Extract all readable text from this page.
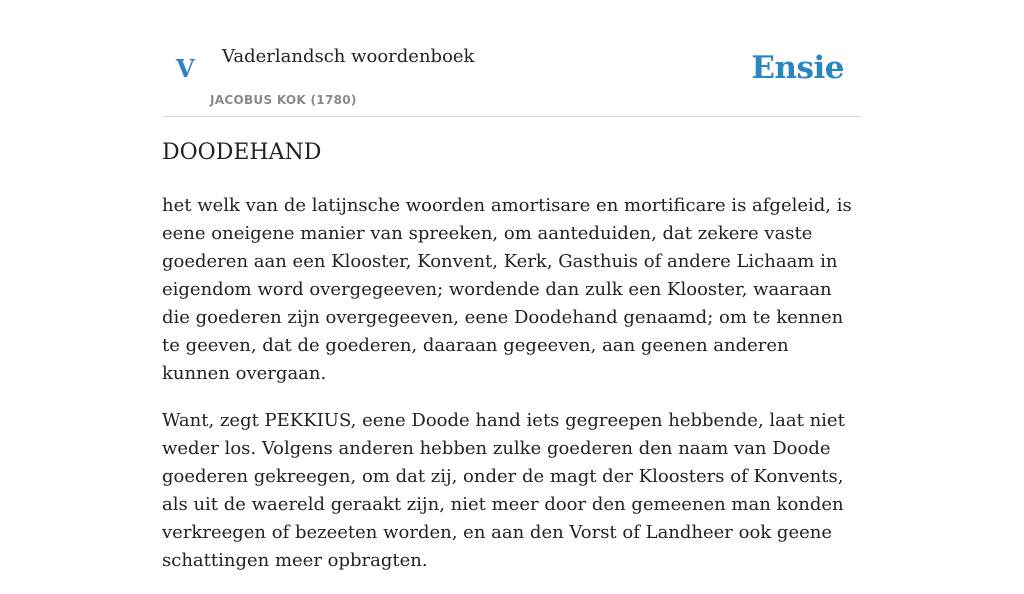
V Vaderlandsch woordenboek
JACOBUS KOK (1780)
Ensie
DOODEHAND

het welk van de latijnsche woorden amortisare en mortificare is afgeleid, is eene oneigene manier van spreeken, om aanteduiden, dat zekere vaste goederen aan een Klooster, Konvent, Kerk, Gasthuis of andere Lichaam in eigendom word overgegeeven; wordende dan zulk een Klooster, waaraan die goederen zijn overgegeeven, eene Doodehand genaamd; om te kennen te geeven, dat de goederen, daaraan gegeeven, aan geenen anderen kunnen overgaan.

Want, zegt PEKKIUS, eene Doode hand iets gegreepen hebbende, laat niet weder los. Volgens anderen hebben zulke goederen den naam van Doode goederen gekreegen, om dat zij, onder de magt der Kloosters of Konvents, als uit de waereld geraakt zijn, niet meer door den gemeenen man konden verkreegen of bezeeten worden, en aan den Vorst of Landheer ook geene schattingen meer opbragten.
